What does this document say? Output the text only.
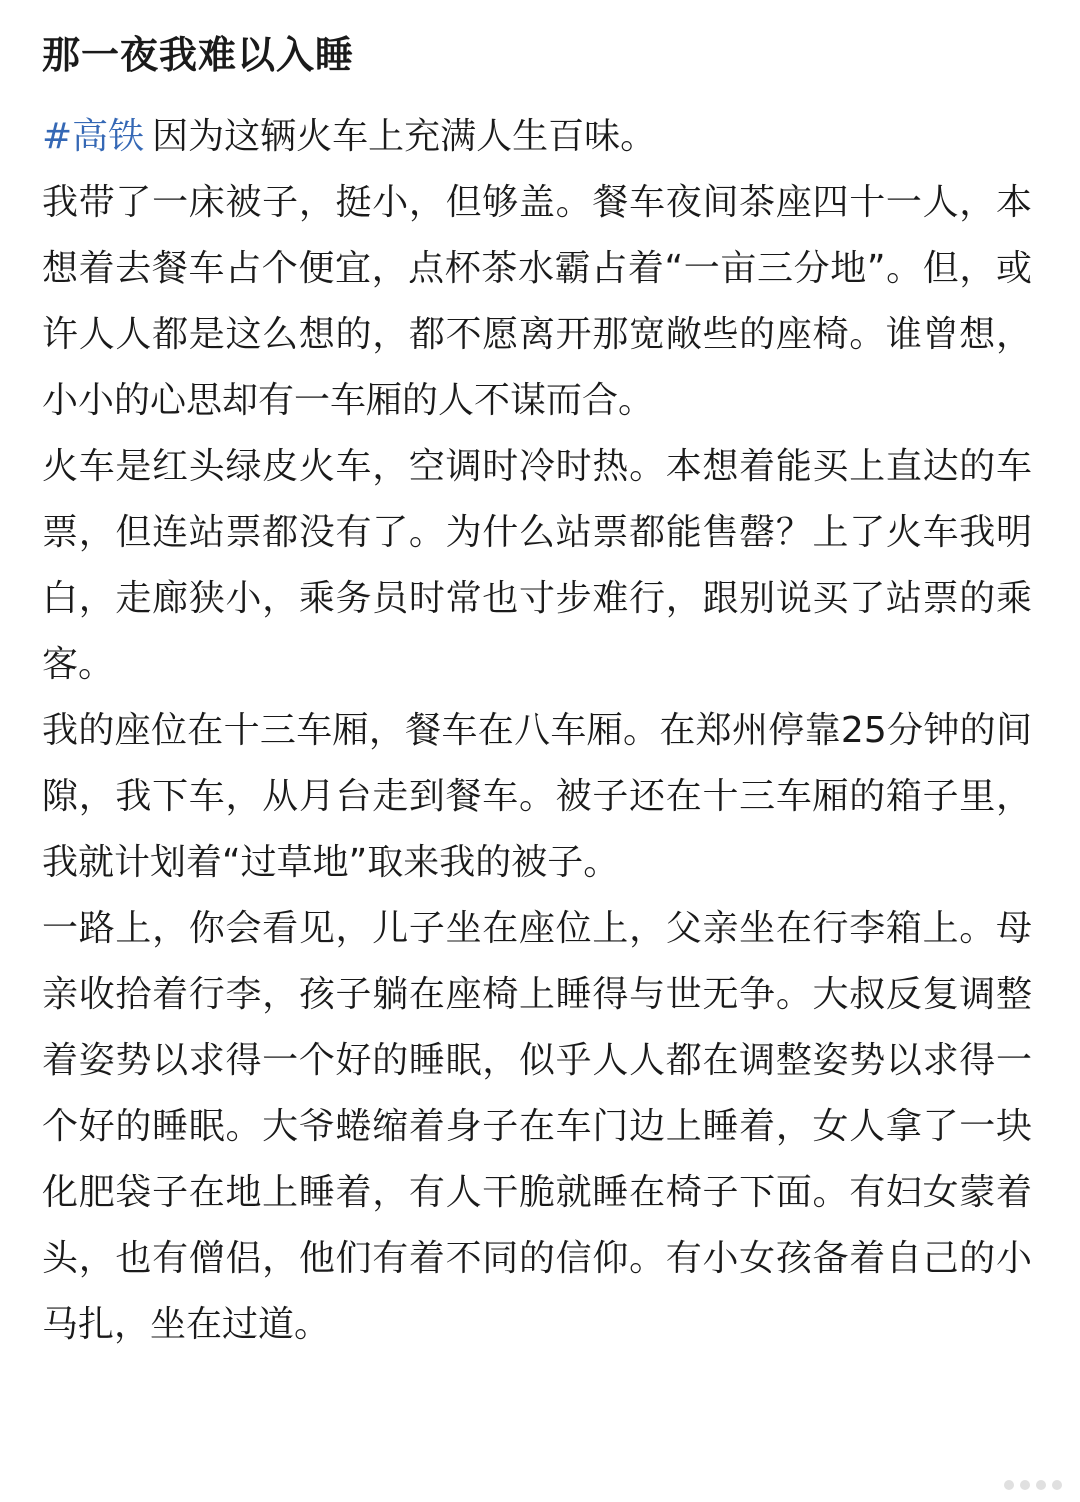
那一夜我难以入睡

#高铁 因为这辆火车上充满人生百味。

我带了一床被子，挺小，但够盖。餐车夜间茶座四十一人，本想着去餐车占个便宜，点杯茶水霸占着“一亩三分地”。但，或许人人都是这么想的，都不愿离开那宽敞些的座椅。谁曾想，小小的心思却有一车厢的人不谋而合。

火车是红头绿皮火车，空调时冷时热。本想着能买上直达的车票，但连站票都没有了。为什么站票都能售罄？上了火车我明白，走廊狭小，乘务员时常也寸步难行，跟别说买了站票的乘客。

我的座位在十三车厢，餐车在八车厢。在郑州停靠25分钟的间隙，我下车，从月台走到餐车。被子还在十三车厢的箱子里，我就计划着“过草地”取来我的被子。

一路上，你会看见，儿子坐在座位上，父亲坐在行李箱上。母亲收拾着行李，孩子躺在座椅上睡得与世无争。大叔反复调整着姿势以求得一个好的睡眠，似乎人人都在调整姿势以求得一个好的睡眠。大爷蜷缩着身子在车门边上睡着，女人拿了一块化肥袋子在地上睡着，有人干脆就睡在椅子下面。有妇女蒙着头，也有僧侣，他们有着不同的信仰。有小女孩备着自己的小马扎，坐在过道。
